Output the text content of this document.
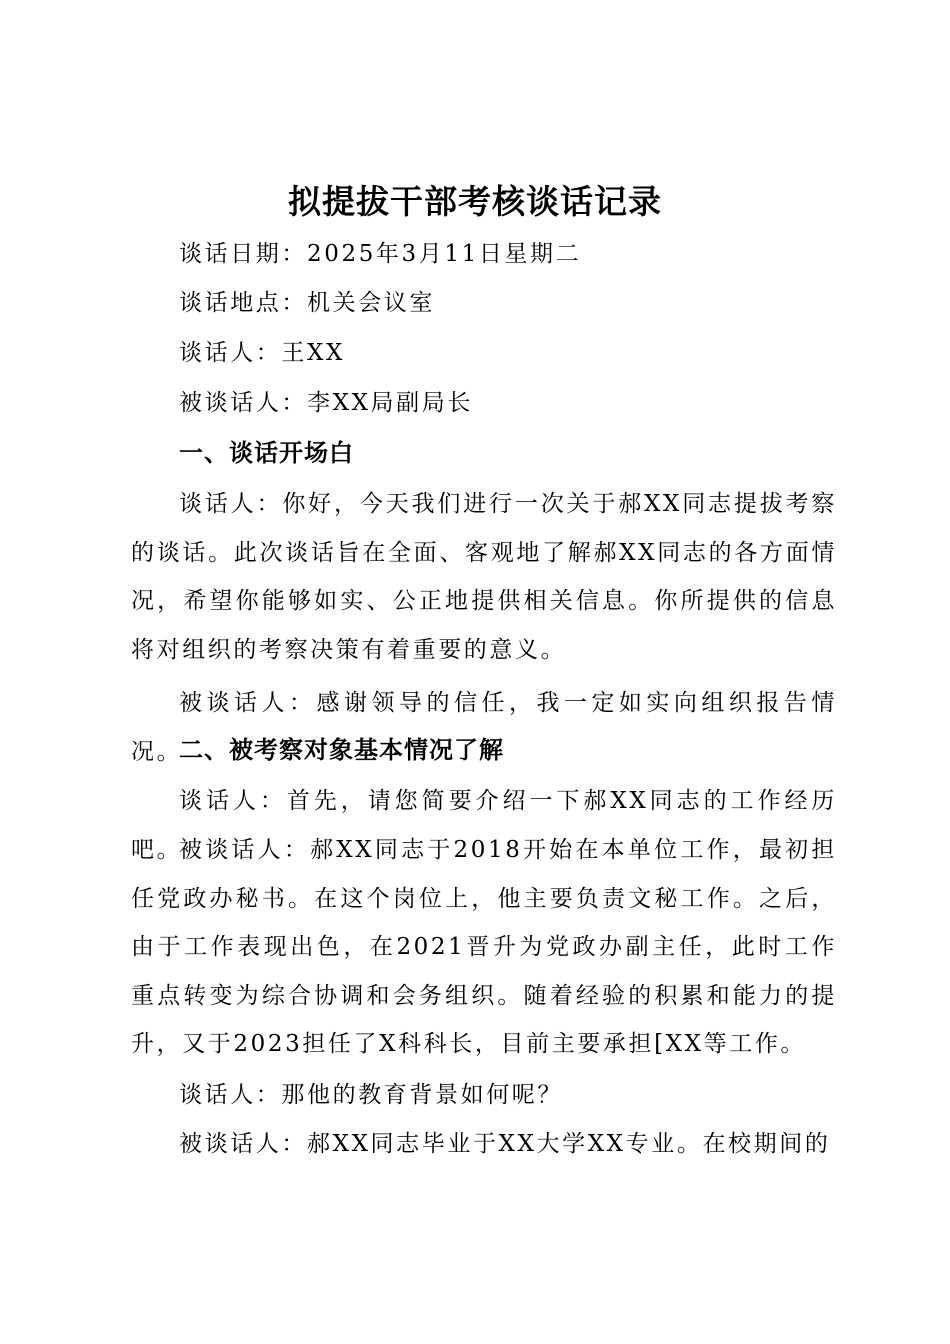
拟提拔干部考核谈话记录

谈话日期：2025年3月11日星期二

谈话地点：机关会议室

谈话人：王XX

被谈话人：李XX局副局长

一、谈话开场白

谈话人：你好，今天我们进行一次关于郝XX同志提拔考察的谈话。此次谈话旨在全面、客观地了解郝XX同志的各方面情况，希望你能够如实、公正地提供相关信息。你所提供的信息将对组织的考察决策有着重要的意义。

被谈话人：感谢领导的信任，我一定如实向组织报告情况。

二、被考察对象基本情况了解

谈话人：首先，请您简要介绍一下郝XX同志的工作经历吧。

被谈话人：郝XX同志于2018开始在本单位工作，最初担任党政办秘书。在这个岗位上，他主要负责文秘工作。之后，由于工作表现出色，在2021晋升为党政办副主任，此时工作重点转变为综合协调和会务组织。随着经验的积累和能力的提升，又于2023担任了X科科长，目前主要承担[XX等工作。

谈话人：那他的教育背景如何呢？

被谈话人：郝XX同志毕业于XX大学XX专业。在校期间的
